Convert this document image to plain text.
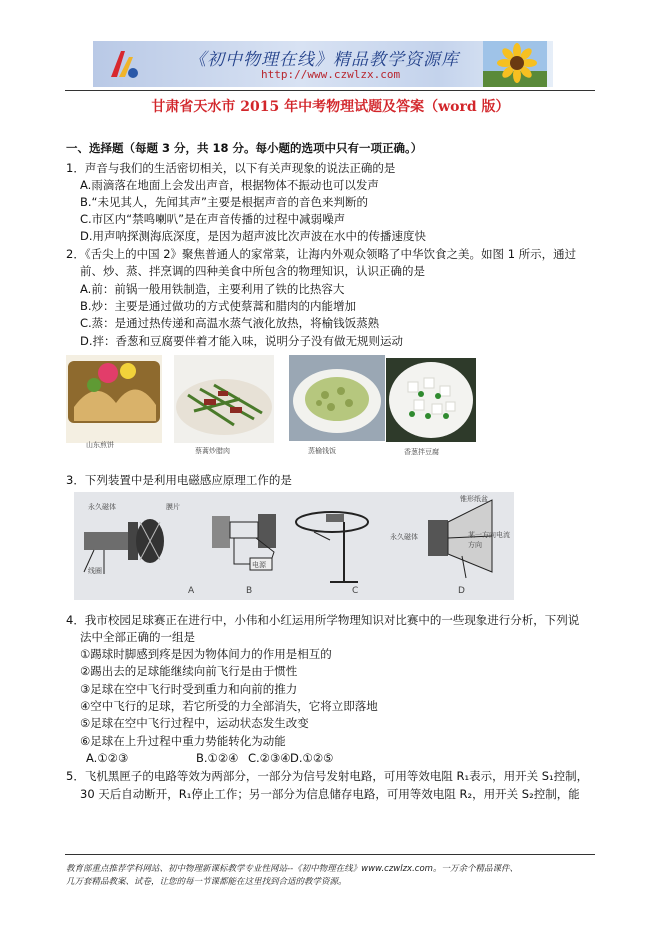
《初中物理在线》精品教学资源库
http://www.czwlzx.com
甘肃省天水市 2015 年中考物理试题及答案（word 版）
一、选择题（每题 3 分，共 18 分。每小题的选项中只有一项正确。）
1．声音与我们的生活密切相关，以下有关声现象的说法正确的是
A.雨滴落在地面上会发出声音，根据物体不振动也可以发声
B.“未见其人，先闻其声”主要是根据声音的音色来判断的
C.市区内“禁鸣喇叭”是在声音传播的过程中减弱噪声
D.用声呐探测海底深度，是因为超声波比次声波在水中的传播速度快
2．《舌尖上的中国 2》聚焦普通人的家常菜，让海内外观众领略了中华饮食之美。如图 1 所示，通过
前、炒、蒸、拌烹调的四种美食中所包含的物理知识，认识正确的是
A.前：前锅一般用铁制造，主要利用了铁的比热容大
B.炒：主要是通过做功的方式使蔡蒿和腊肉的内能增加
C.蒸：是通过热传递和高温水蒸气液化放热，将榆钱饭蒸熟
D.拌：香葱和豆腐要伴着才能入味，说明分子没有做无规则运动
山东煎饼
蔡蒿炒腊肉	蒸榆钱饭	香葱拌豆腐
3．下列装置中是利用电磁感应原理工作的是
永久磁体	膜片
线圈
电源
永久磁体
锥形纸盆
某一方向电流方向
A	B	C	D
4．我市校园足球赛正在进行中，小伟和小红运用所学物理知识对比赛中的一些现象进行分析，下列说
法中全部正确的一组是
①踢球时脚感到疼是因为物体间力的作用是相互的
②踢出去的足球能继续向前飞行是由于惯性
③足球在空中飞行时受到重力和向前的推力
④空中飞行的足球，若它所受的力全部消失，它将立即落地
⑤足球在空中飞行过程中，运动状态发生改变
⑥足球在上升过程中重力势能转化为动能
A.①②③	B.①②④ C.②③④ D.①②⑤
5．飞机黑匣子的电路等效为两部分，一部分为信号发射电路，可用等效电阻 R₁表示，用开关 S₁控制，
30 天后自动断开，R₁停止工作；另一部分为信息储存电路，可用等效电阻 R₂，用开关 S₂控制，能
教育部重点推荐学科网站、初中物理新课标教学专业性网站--《初中物理在线》www.czwlzx.com。一万余个精品课件、
几万套精品教案、试卷，让您的每一节课都能在这里找到合适的教学资源。
